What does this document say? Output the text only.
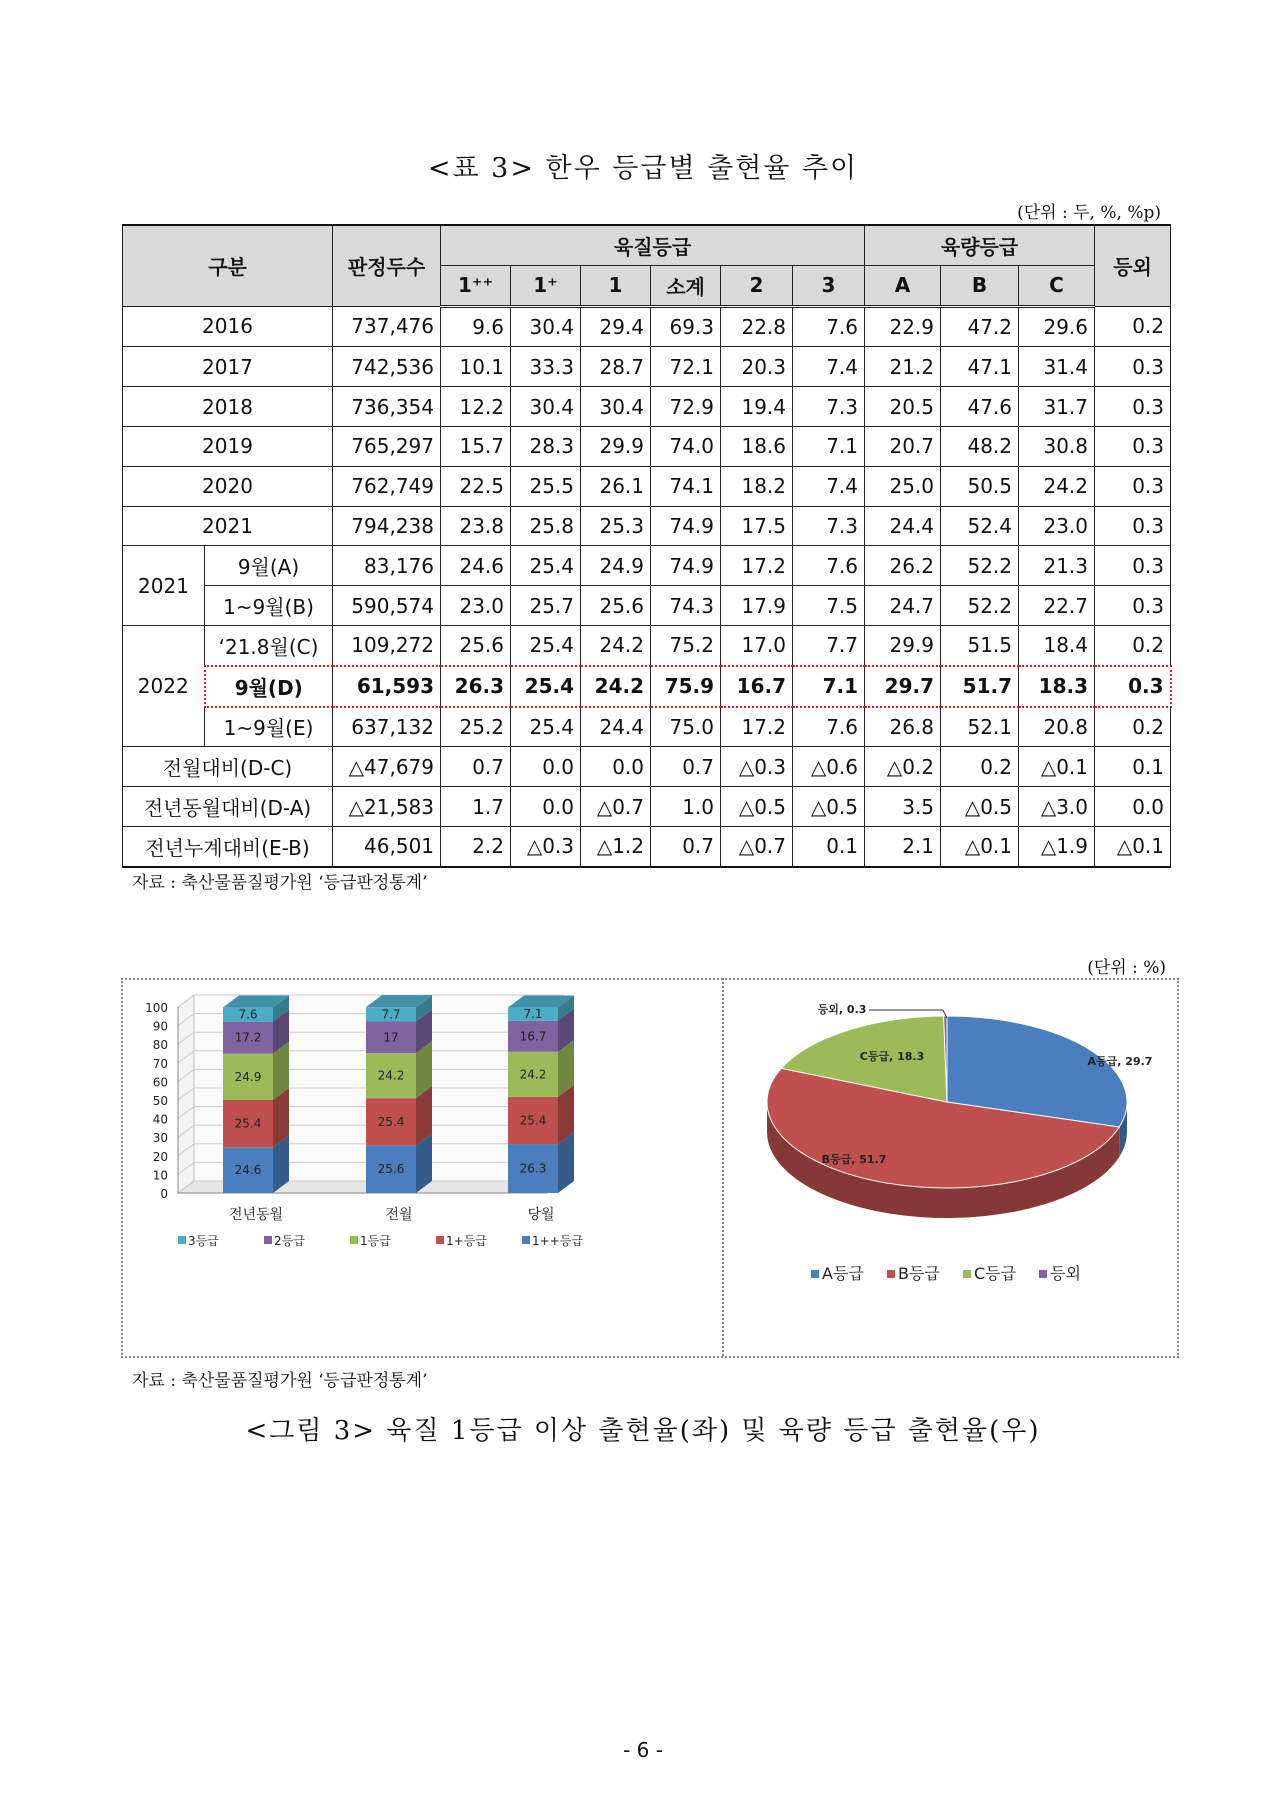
<표 3> 한우 등급별 출현율 추이
(단위 : 두, %, %p)
구분		판정두수	육질등급						육량등급			등외
			1⁺⁺	1⁺	1	소계	2	3	A	B	C	
2016		737,476	9.6	30.4	29.4	69.3	22.8	7.6	22.9	47.2	29.6	0.2
2017		742,536	10.1	33.3	28.7	72.1	20.3	7.4	21.2	47.1	31.4	0.3
2018		736,354	12.2	30.4	30.4	72.9	19.4	7.3	20.5	47.6	31.7	0.3
2019		765,297	15.7	28.3	29.9	74.0	18.6	7.1	20.7	48.2	30.8	0.3
2020		762,749	22.5	25.5	26.1	74.1	18.2	7.4	25.0	50.5	24.2	0.3
2021		794,238	23.8	25.8	25.3	74.9	17.5	7.3	24.4	52.4	23.0	0.3
2021	9월(A)	83,176	24.6	25.4	24.9	74.9	17.2	7.6	26.2	52.2	21.3	0.3
	1~9월(B)	590,574	23.0	25.7	25.6	74.3	17.9	7.5	24.7	52.2	22.7	0.3
2022	‘21.8월(C)	109,272	25.6	25.4	24.2	75.2	17.0	7.7	29.9	51.5	18.4	0.2
	9월(D)	61,593	26.3	25.4	24.2	75.9	16.7	7.1	29.7	51.7	18.3	0.3
	1~9월(E)	637,132	25.2	25.4	24.4	75.0	17.2	7.6	26.8	52.1	20.8	0.2
전월대비(D-C)		△47,679	0.7	0.0	0.0	0.7	△0.3	△0.6	△0.2	0.2	△0.1	0.1
전년동월대비(D-A)		△21,583	1.7	0.0	△0.7	1.0	△0.5	△0.5	3.5	△0.5	△3.0	0.0
전년누계대비(E-B)		46,501	2.2	△0.3	△1.2	0.7	△0.7	0.1	2.1	△0.1	△1.9	△0.1
자료 : 축산물품질평가원 ‘등급판정통계’
(단위 : %)
0
10
20
30
40
50
60
70
80
90
100
24.6
25.4
24.9
17.2
7.6
전년동월
25.6
25.4
24.2
17
7.7
전월
26.3
25.4
24.2
16.7
7.1
당월
3등급	2등급	1등급	1+등급	1++등급
A등급, 29.7
B등급, 51.7
C등급, 18.3
등외, 0.3
A등급 B등급 C등급 등외
자료 : 축산물품질평가원 ‘등급판정통계’
<그림 3> 육질 1등급 이상 출현율(좌) 및 육량 등급 출현율(우)
- 6 -
